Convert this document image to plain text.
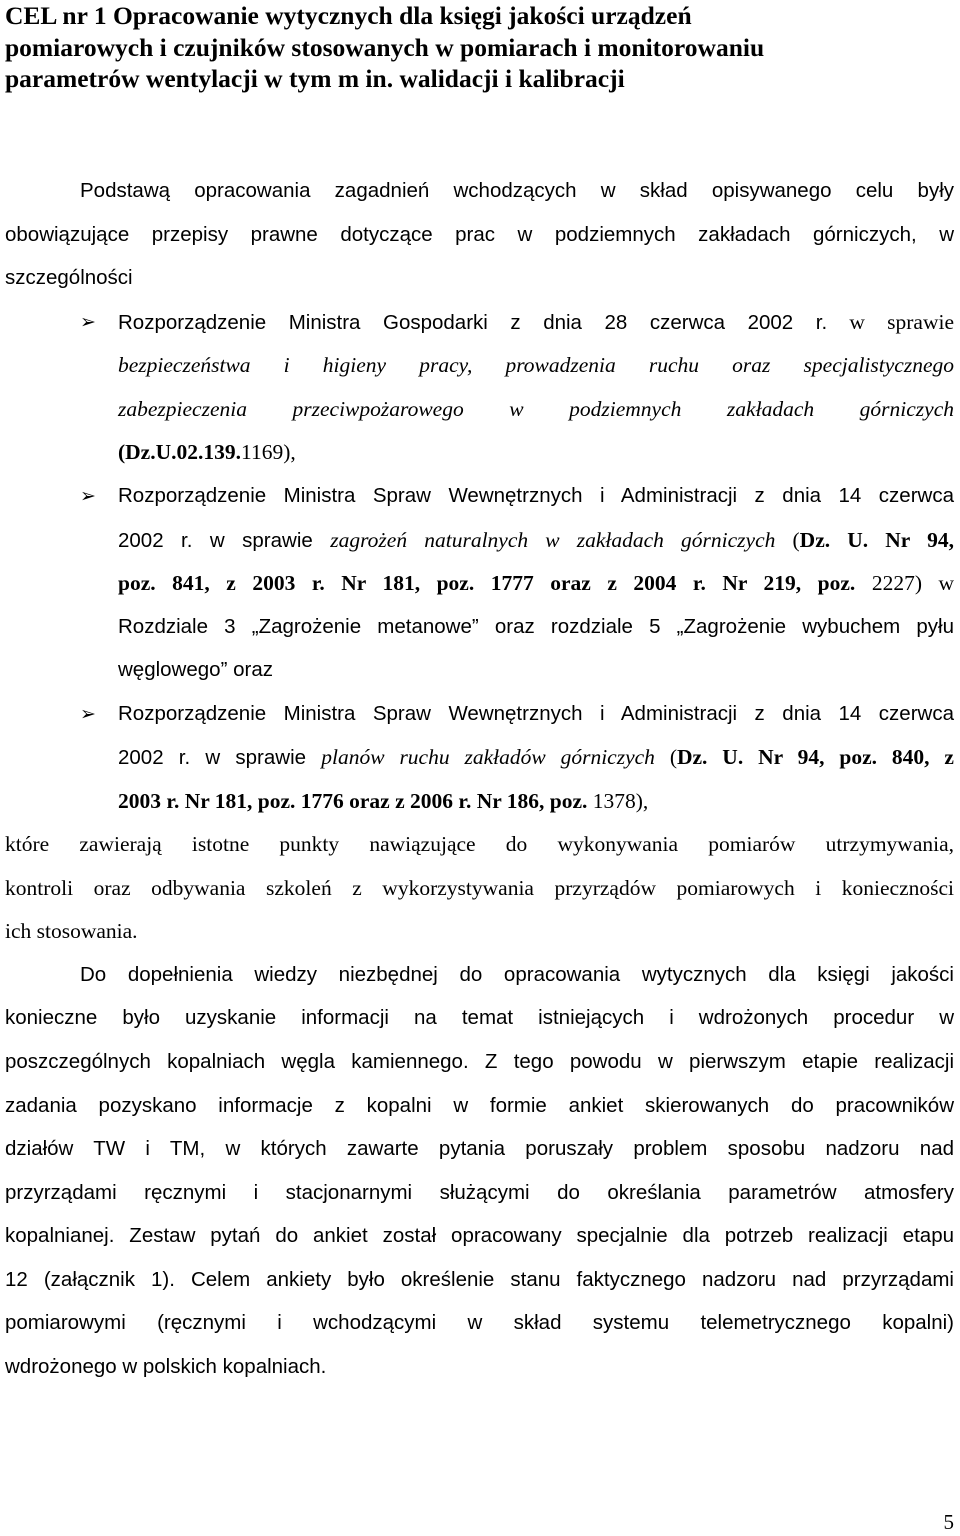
CEL nr 1 Opracowanie wytycznych dla księgi jakości urządzeń
pomiarowych i czujników stosowanych w pomiarach i monitorowaniu
parametrów wentylacji w tym m in. walidacji i kalibracji
Podstawą opracowania zagadnień wchodzących w skład opisywanego celu były
obowiązujące przepisy prawne dotyczące prac w podziemnych zakładach górniczych, w
szczególności
➢ Rozporządzenie Ministra Gospodarki z dnia 28 czerwca 2002 r. w sprawie
bezpieczeństwa i higieny pracy, prowadzenia ruchu oraz specjalistycznego
zabezpieczenia przeciwpożarowego w podziemnych zakładach górniczych
(Dz.U.02.139.1169),
➢ Rozporządzenie Ministra Spraw Wewnętrznych i Administracji z dnia 14 czerwca
2002 r. w sprawie zagrożeń naturalnych w zakładach górniczych (Dz. U. Nr 94,
poz. 841, z 2003 r. Nr 181, poz. 1777 oraz z 2004 r. Nr 219, poz. 2227) w
Rozdziale 3 „Zagrożenie metanowe” oraz rozdziale 5 „Zagrożenie wybuchem pyłu
węglowego” oraz
➢ Rozporządzenie Ministra Spraw Wewnętrznych i Administracji z dnia 14 czerwca
2002 r. w sprawie planów ruchu zakładów górniczych (Dz. U. Nr 94, poz. 840, z
2003 r. Nr 181, poz. 1776 oraz z 2006 r. Nr 186, poz. 1378),
które zawierają istotne punkty nawiązujące do wykonywania pomiarów utrzymywania,
kontroli oraz odbywania szkoleń z wykorzystywania przyrządów pomiarowych i konieczności
ich stosowania.
Do dopełnienia wiedzy niezbędnej do opracowania wytycznych dla księgi jakości
konieczne było uzyskanie informacji na temat istniejących i wdrożonych procedur w
poszczególnych kopalniach węgla kamiennego. Z tego powodu w pierwszym etapie realizacji
zadania pozyskano informacje z kopalni w formie ankiet skierowanych do pracowników
działów TW i TM, w których zawarte pytania poruszały problem sposobu nadzoru nad
przyrządami ręcznymi i stacjonarnymi służącymi do określania parametrów atmosfery
kopalnianej. Zestaw pytań do ankiet został opracowany specjalnie dla potrzeb realizacji etapu
12 (załącznik 1). Celem ankiety było określenie stanu faktycznego nadzoru nad przyrządami
pomiarowymi (ręcznymi i wchodzącymi w skład systemu telemetrycznego kopalni)
wdrożonego w polskich kopalniach.
5
